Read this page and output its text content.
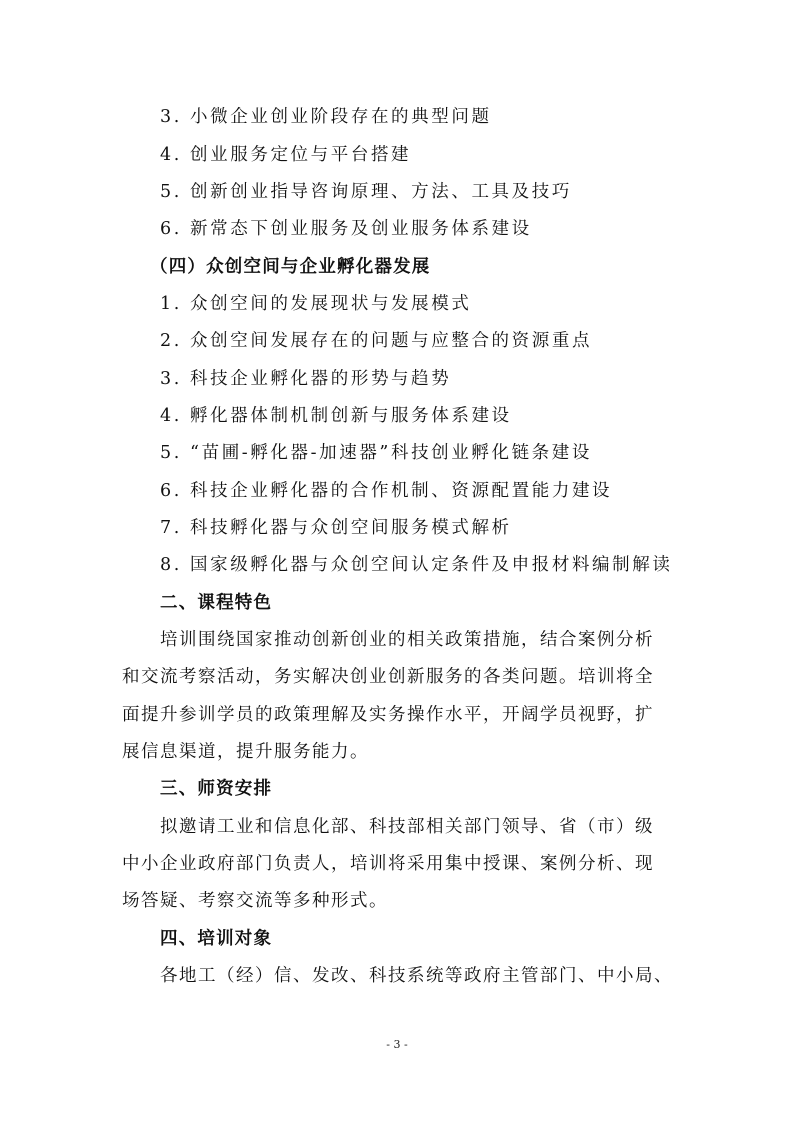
3. 小微企业创业阶段存在的典型问题
4. 创业服务定位与平台搭建
5. 创新创业指导咨询原理、方法、工具及技巧
6. 新常态下创业服务及创业服务体系建设
（四）众创空间与企业孵化器发展
1. 众创空间的发展现状与发展模式
2. 众创空间发展存在的问题与应整合的资源重点
3. 科技企业孵化器的形势与趋势
4. 孵化器体制机制创新与服务体系建设
5. “苗圃-孵化器-加速器”科技创业孵化链条建设
6. 科技企业孵化器的合作机制、资源配置能力建设
7. 科技孵化器与众创空间服务模式解析
8. 国家级孵化器与众创空间认定条件及申报材料编制解读
二、课程特色
培训围绕国家推动创新创业的相关政策措施，结合案例分析
和交流考察活动，务实解决创业创新服务的各类问题。培训将全
面提升参训学员的政策理解及实务操作水平，开阔学员视野，扩
展信息渠道，提升服务能力。
三、师资安排
拟邀请工业和信息化部、科技部相关部门领导、省（市）级
中小企业政府部门负责人，培训将采用集中授课、案例分析、现
场答疑、考察交流等多种形式。
四、培训对象
各地工（经）信、发改、科技系统等政府主管部门、中小局、
- 3 -
